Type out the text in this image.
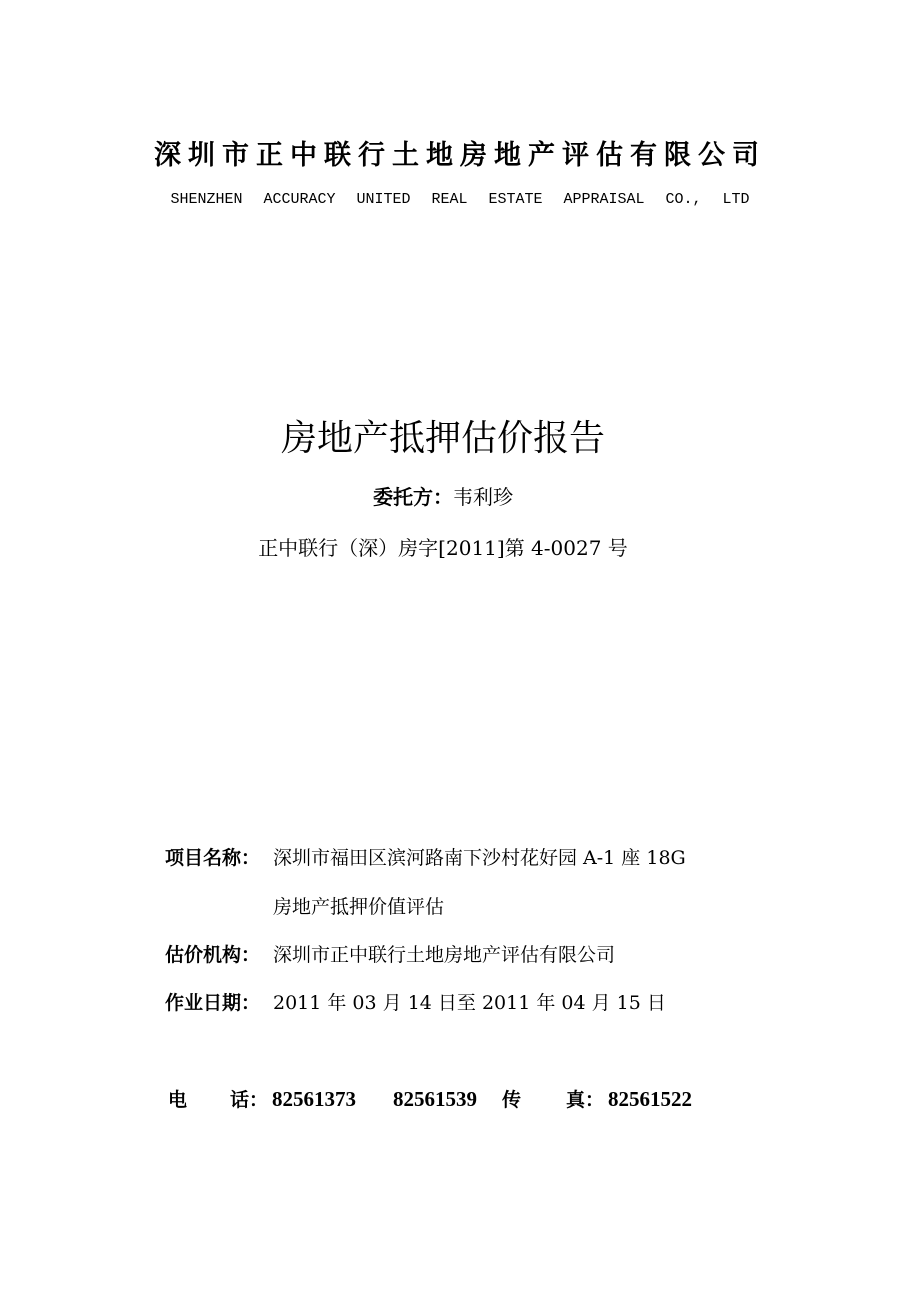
深圳市正中联行土地房地产评估有限公司
SHENZHEN ACCURACY UNITED REAL ESTATE APPRAISAL CO., LTD
房地产抵押估价报告
委托方：韦利珍
正中联行（深）房字[2011]第 4-0027 号
项目名称： 深圳市福田区滨河路南下沙村花好园 A-1 座 18G
房地产抵押价值评估
估价机构： 深圳市正中联行土地房地产评估有限公司
作业日期： 2011 年 03 月 14 日至 2011 年 04 月 15 日
电 话： 82561373 82561539 传 真： 82561522
